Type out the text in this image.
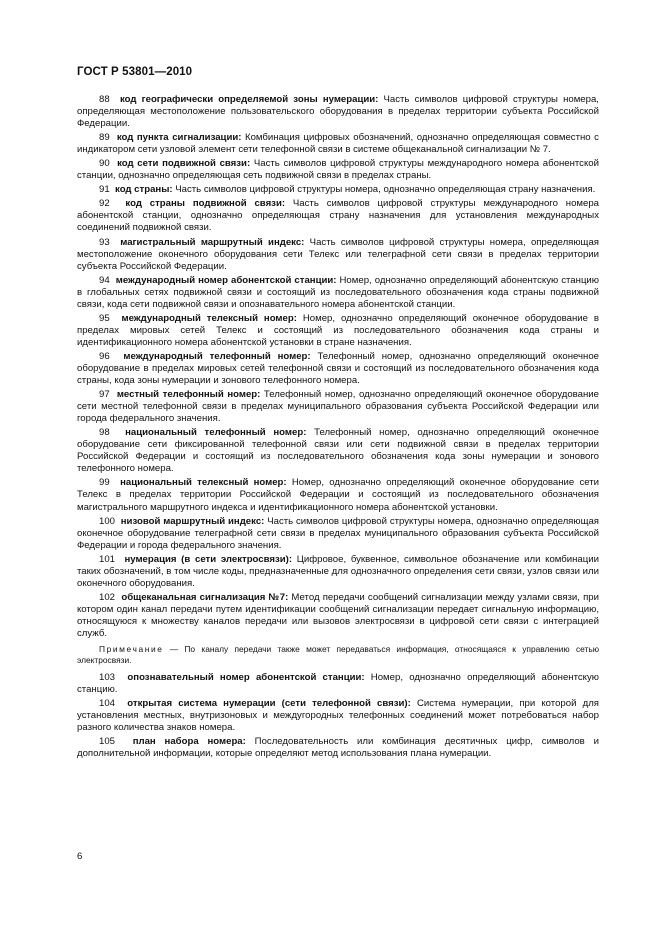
ГОСТ Р 53801—2010

88 код географически определяемой зоны нумерации: Часть символов цифровой структуры номера, определяющая местоположение пользовательского оборудования в пределах территории субъекта Российской Федерации.

89 код пункта сигнализации: Комбинация цифровых обозначений, однозначно определяющая совместно с индикатором сети узловой элемент сети телефонной связи в системе общеканальной сигнализации № 7.

90 код сети подвижной связи: Часть символов цифровой структуры международного номера абонентской станции, однозначно определяющая сеть подвижной связи в пределах страны.

91 код страны: Часть символов цифровой структуры номера, однозначно определяющая страну назначения.

92 код страны подвижной связи: Часть символов цифровой структуры международного номера абонентской станции, однозначно определяющая страну назначения для установления международных соединений подвижной связи.

93 магистральный маршрутный индекс: Часть символов цифровой структуры номера, определяющая местоположение оконечного оборудования сети Телекс или телеграфной сети связи в пределах территории субъекта Российской Федерации.

94 международный номер абонентской станции: Номер, однозначно определяющий абонентскую станцию в глобальных сетях подвижной связи и состоящий из последовательного обозначения кода страны подвижной связи, кода сети подвижной связи и опознавательного номера абонентской станции.

95 международный телексный номер: Номер, однозначно определяющий оконечное оборудование в пределах мировых сетей Телекс и состоящий из последовательного обозначения кода страны и идентификационного номера абонентской установки в стране назначения.

96 международный телефонный номер: Телефонный номер, однозначно определяющий оконечное оборудование в пределах мировых сетей телефонной связи и состоящий из последовательного обозначения кода страны, кода зоны нумерации и зонового телефонного номера.

97 местный телефонный номер: Телефонный номер, однозначно определяющий оконечное оборудование сети местной телефонной связи в пределах муниципального образования субъекта Российской Федерации или города федерального значения.

98 национальный телефонный номер: Телефонный номер, однозначно определяющий оконечное оборудование сети фиксированной телефонной связи или сети подвижной связи в пределах территории Российской Федерации и состоящий из последовательного обозначения кода зоны нумерации и зонового телефонного номера.

99 национальный телексный номер: Номер, однозначно определяющий оконечное оборудование сети Телекс в пределах территории Российской Федерации и состоящий из последовательного обозначения магистрального маршрутного индекса и идентификационного номера абонентской установки.

100 низовой маршрутный индекс: Часть символов цифровой структуры номера, однозначно определяющая оконечное оборудование телеграфной сети связи в пределах муниципального образования субъекта Российской Федерации и города федерального значения.

101 нумерация (в сети электросвязи): Цифровое, буквенное, символьное обозначение или комбинации таких обозначений, в том числе коды, предназначенные для однозначного определения сети связи, узлов связи или оконечного оборудования.

102 общеканальная сигнализация №7: Метод передачи сообщений сигнализации между узлами связи, при котором один канал передачи путем идентификации сообщений сигнализации передает сигнальную информацию, относящуюся к множеству каналов передачи или вызовов электросвязи в цифровой сети связи с интеграцией служб.

Примечание — По каналу передачи также может передаваться информация, относящаяся к управлению сетью электросвязи.

103 опознавательный номер абонентской станции: Номер, однозначно определяющий абонентскую станцию.

104 открытая система нумерации (сети телефонной связи): Система нумерации, при которой для установления местных, внутризоновых и междугородных телефонных соединений может потребоваться набор разного количества знаков номера.

105 план набора номера: Последовательность или комбинация десятичных цифр, символов и дополнительной информации, которые определяют метод использования плана нумерации.

6
